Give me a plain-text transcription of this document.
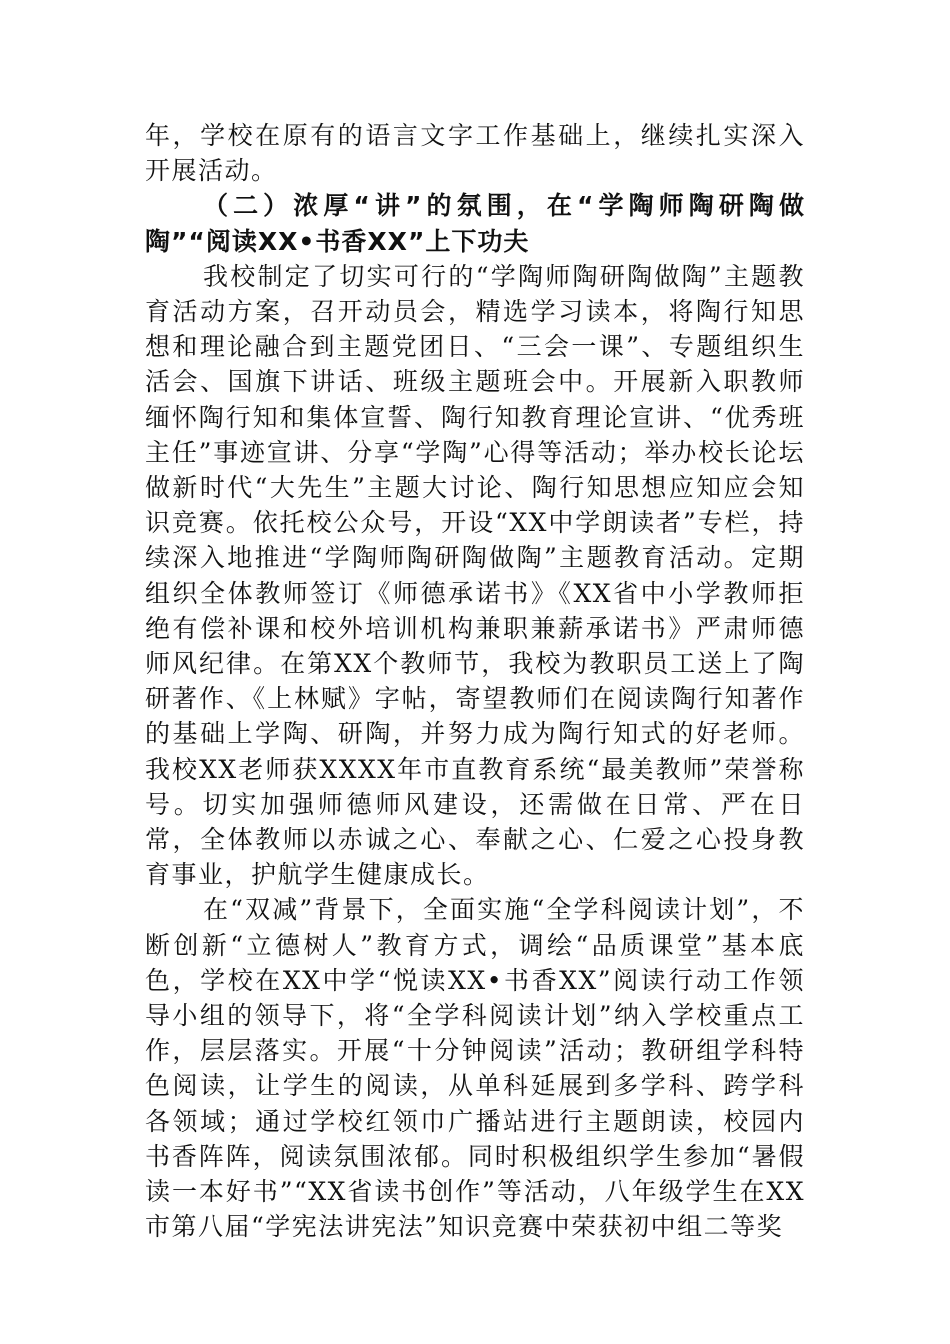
年，学校在原有的语言文字工作基础上，继续扎实深入开展活动。

（二）浓厚“讲”的氛围，在“学陶师陶研陶做陶”“阅读XX•书香XX”上下功夫

我校制定了切实可行的“学陶师陶研陶做陶”主题教育活动方案，召开动员会，精选学习读本，将陶行知思想和理论融合到主题党团日、“三会一课”、专题组织生活会、国旗下讲话、班级主题班会中。开展新入职教师缅怀陶行知和集体宣誓、陶行知教育理论宣讲、“优秀班主任”事迹宣讲、分享“学陶”心得等活动；举办校长论坛做新时代“大先生”主题大讨论、陶行知思想应知应会知识竞赛。依托校公众号，开设“XX中学朗读者”专栏，持续深入地推进“学陶师陶研陶做陶”主题教育活动。定期组织全体教师签订《师德承诺书》《XX省中小学教师拒绝有偿补课和校外培训机构兼职兼薪承诺书》严肃师德师风纪律。在第XX个教师节，我校为教职员工送上了陶研著作、《上林赋》字帖，寄望教师们在阅读陶行知著作的基础上学陶、研陶，并努力成为陶行知式的好老师。我校XX老师获XXXX年市直教育系统“最美教师”荣誉称号。切实加强师德师风建设，还需做在日常、严在日常，全体教师以赤诚之心、奉献之心、仁爱之心投身教育事业，护航学生健康成长。

在“双减”背景下，全面实施“全学科阅读计划”，不断创新“立德树人”教育方式，调绘“品质课堂”基本底色，学校在XX中学“悦读XX•书香XX”阅读行动工作领导小组的领导下，将“全学科阅读计划”纳入学校重点工作，层层落实。开展“十分钟阅读”活动；教研组学科特色阅读，让学生的阅读，从单科延展到多学科、跨学科各领域；通过学校红领巾广播站进行主题朗读，校园内书香阵阵，阅读氛围浓郁。同时积极组织学生参加“暑假读一本好书”“XX省读书创作”等活动，八年级学生在XX市第八届“学宪法讲宪法”知识竞赛中荣获初中组二等奖
